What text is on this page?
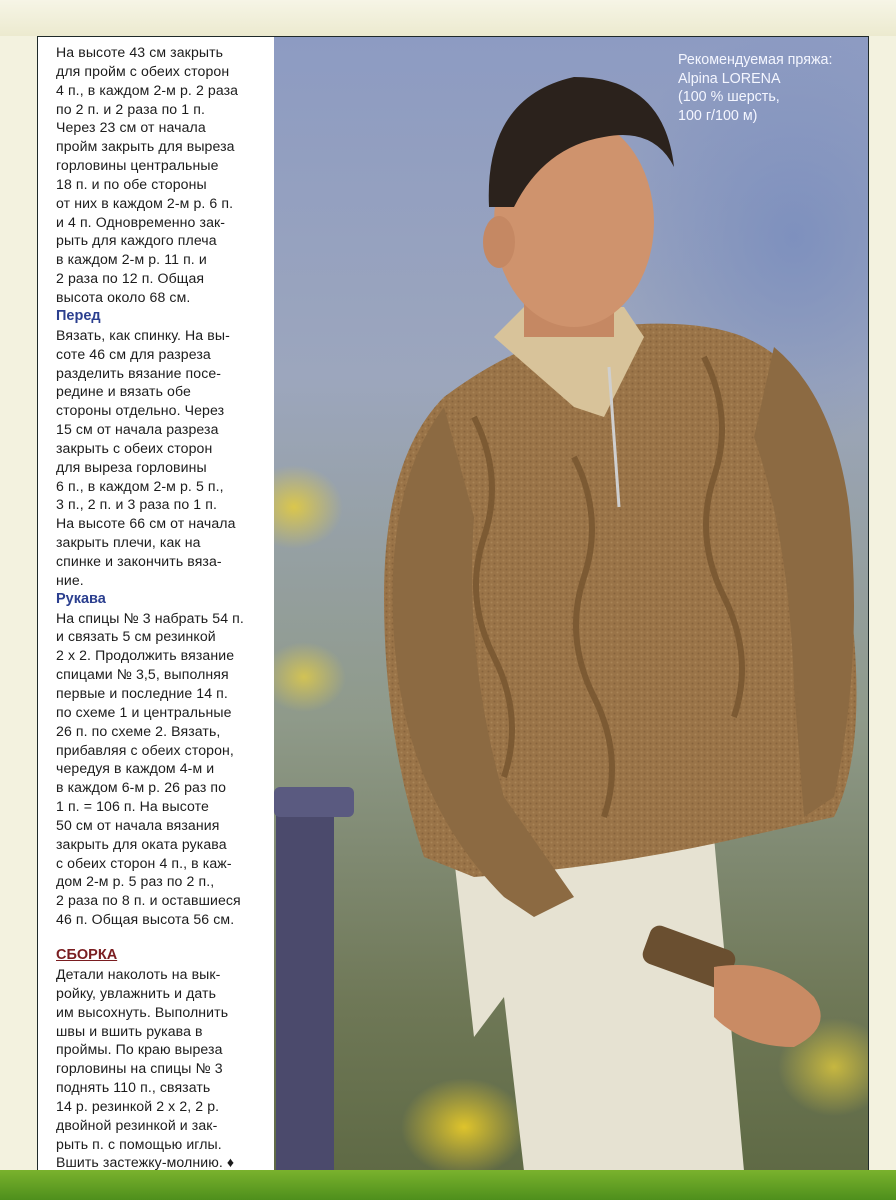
На высоте 43 см закрыть
для пройм с обеих сторон
4 п., в каждом 2-м р. 2 раза
по 2 п. и 2 раза по 1 п.
Через 23 см от начала
пройм закрыть для выреза
горловины центральные
18 п. и по обе стороны
от них в каждом 2-м р. 6 п.
и 4 п. Одновременно зак-
рыть для каждого плеча
в каждом 2-м р. 11 п. и
2 раза по 12 п. Общая
высота около 68 см.
Перед
Вязать, как спинку. На вы-
соте 46 см для разреза
разделить вязание посе-
редине и вязать обе
стороны отдельно. Через
15 см от начала разреза
закрыть с обеих сторон
для выреза горловины
6 п., в каждом 2-м р. 5 п.,
3 п., 2 п. и 3 раза по 1 п.
На высоте 66 см от начала
закрыть плечи, как на
спинке и закончить вяза-
ние.
Рукава
На спицы № 3 набрать 54 п.
и связать 5 см резинкой
2 х 2. Продолжить вязание
спицами № 3,5, выполняя
первые и последние 14 п.
по схеме 1 и центральные
26 п. по схеме 2. Вязать,
прибавляя с обеих сторон,
чередуя в каждом 4-м и
в каждом 6-м р. 26 раз по
1 п. = 106 п. На высоте
50 см от начала вязания
закрыть для оката рукава
с обеих сторон 4 п., в каж-
дом 2-м р. 5 раз по 2 п.,
2 раза по 8 п. и оставшиеся
46 п. Общая высота 56 см.
СБОРКА
Детали наколоть на вык-
ройку, увлажнить и дать
им высохнуть. Выполнить
швы и вшить рукава в
проймы. По краю выреза
горловины на спицы № 3
поднять 110 п., связать
14 р. резинкой 2 х 2, 2 р.
двойной резинкой и зак-
рыть п. с помощью иглы.
Вшить застежку-молнию. ♦
Рекомендуемая пряжа:
Alpina LORENA
(100 % шерсть,
100 г/100 м)
